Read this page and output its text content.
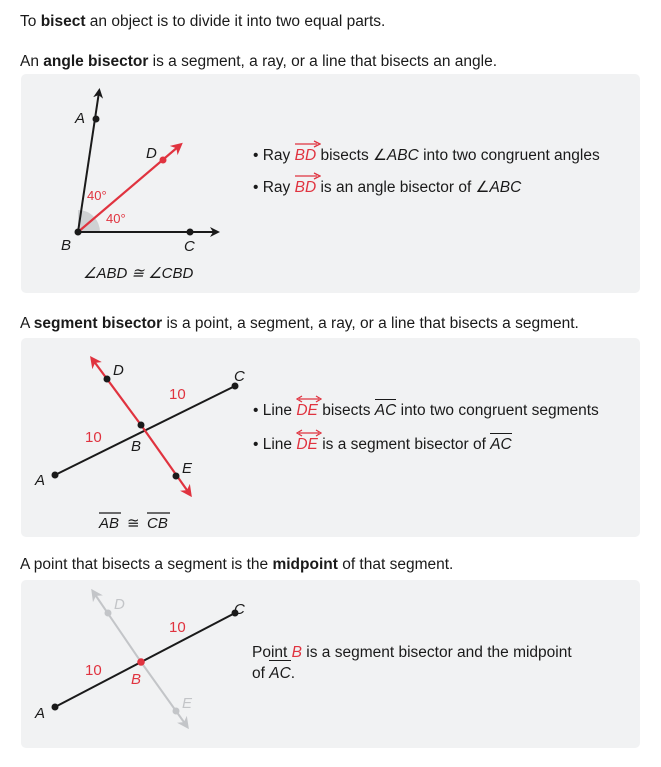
To bisect an object is to divide it into two equal parts.
An angle bisector is a segment, a ray, or a line that bisects an angle.
A
B	C
D
40°
40°
∠ABD ≅ ∠CBD
• Ray
BD bisects ∠ABC into two congruent angles
• Ray
BD is an angle bisector of ∠ABC
A segment bisector is a point, a segment, a ray, or a line that bisects a segment.
A
B
C
D
E
10
10
AB ≅ CB
• Line
DE bisects
AC into two congruent segments
• Line
DE is a segment bisector of
AC
A point that bisects a segment is the midpoint of that segment.
A
B
C
D
E
10
10
Point B is a segment bisector and the midpoint
of
AC.
